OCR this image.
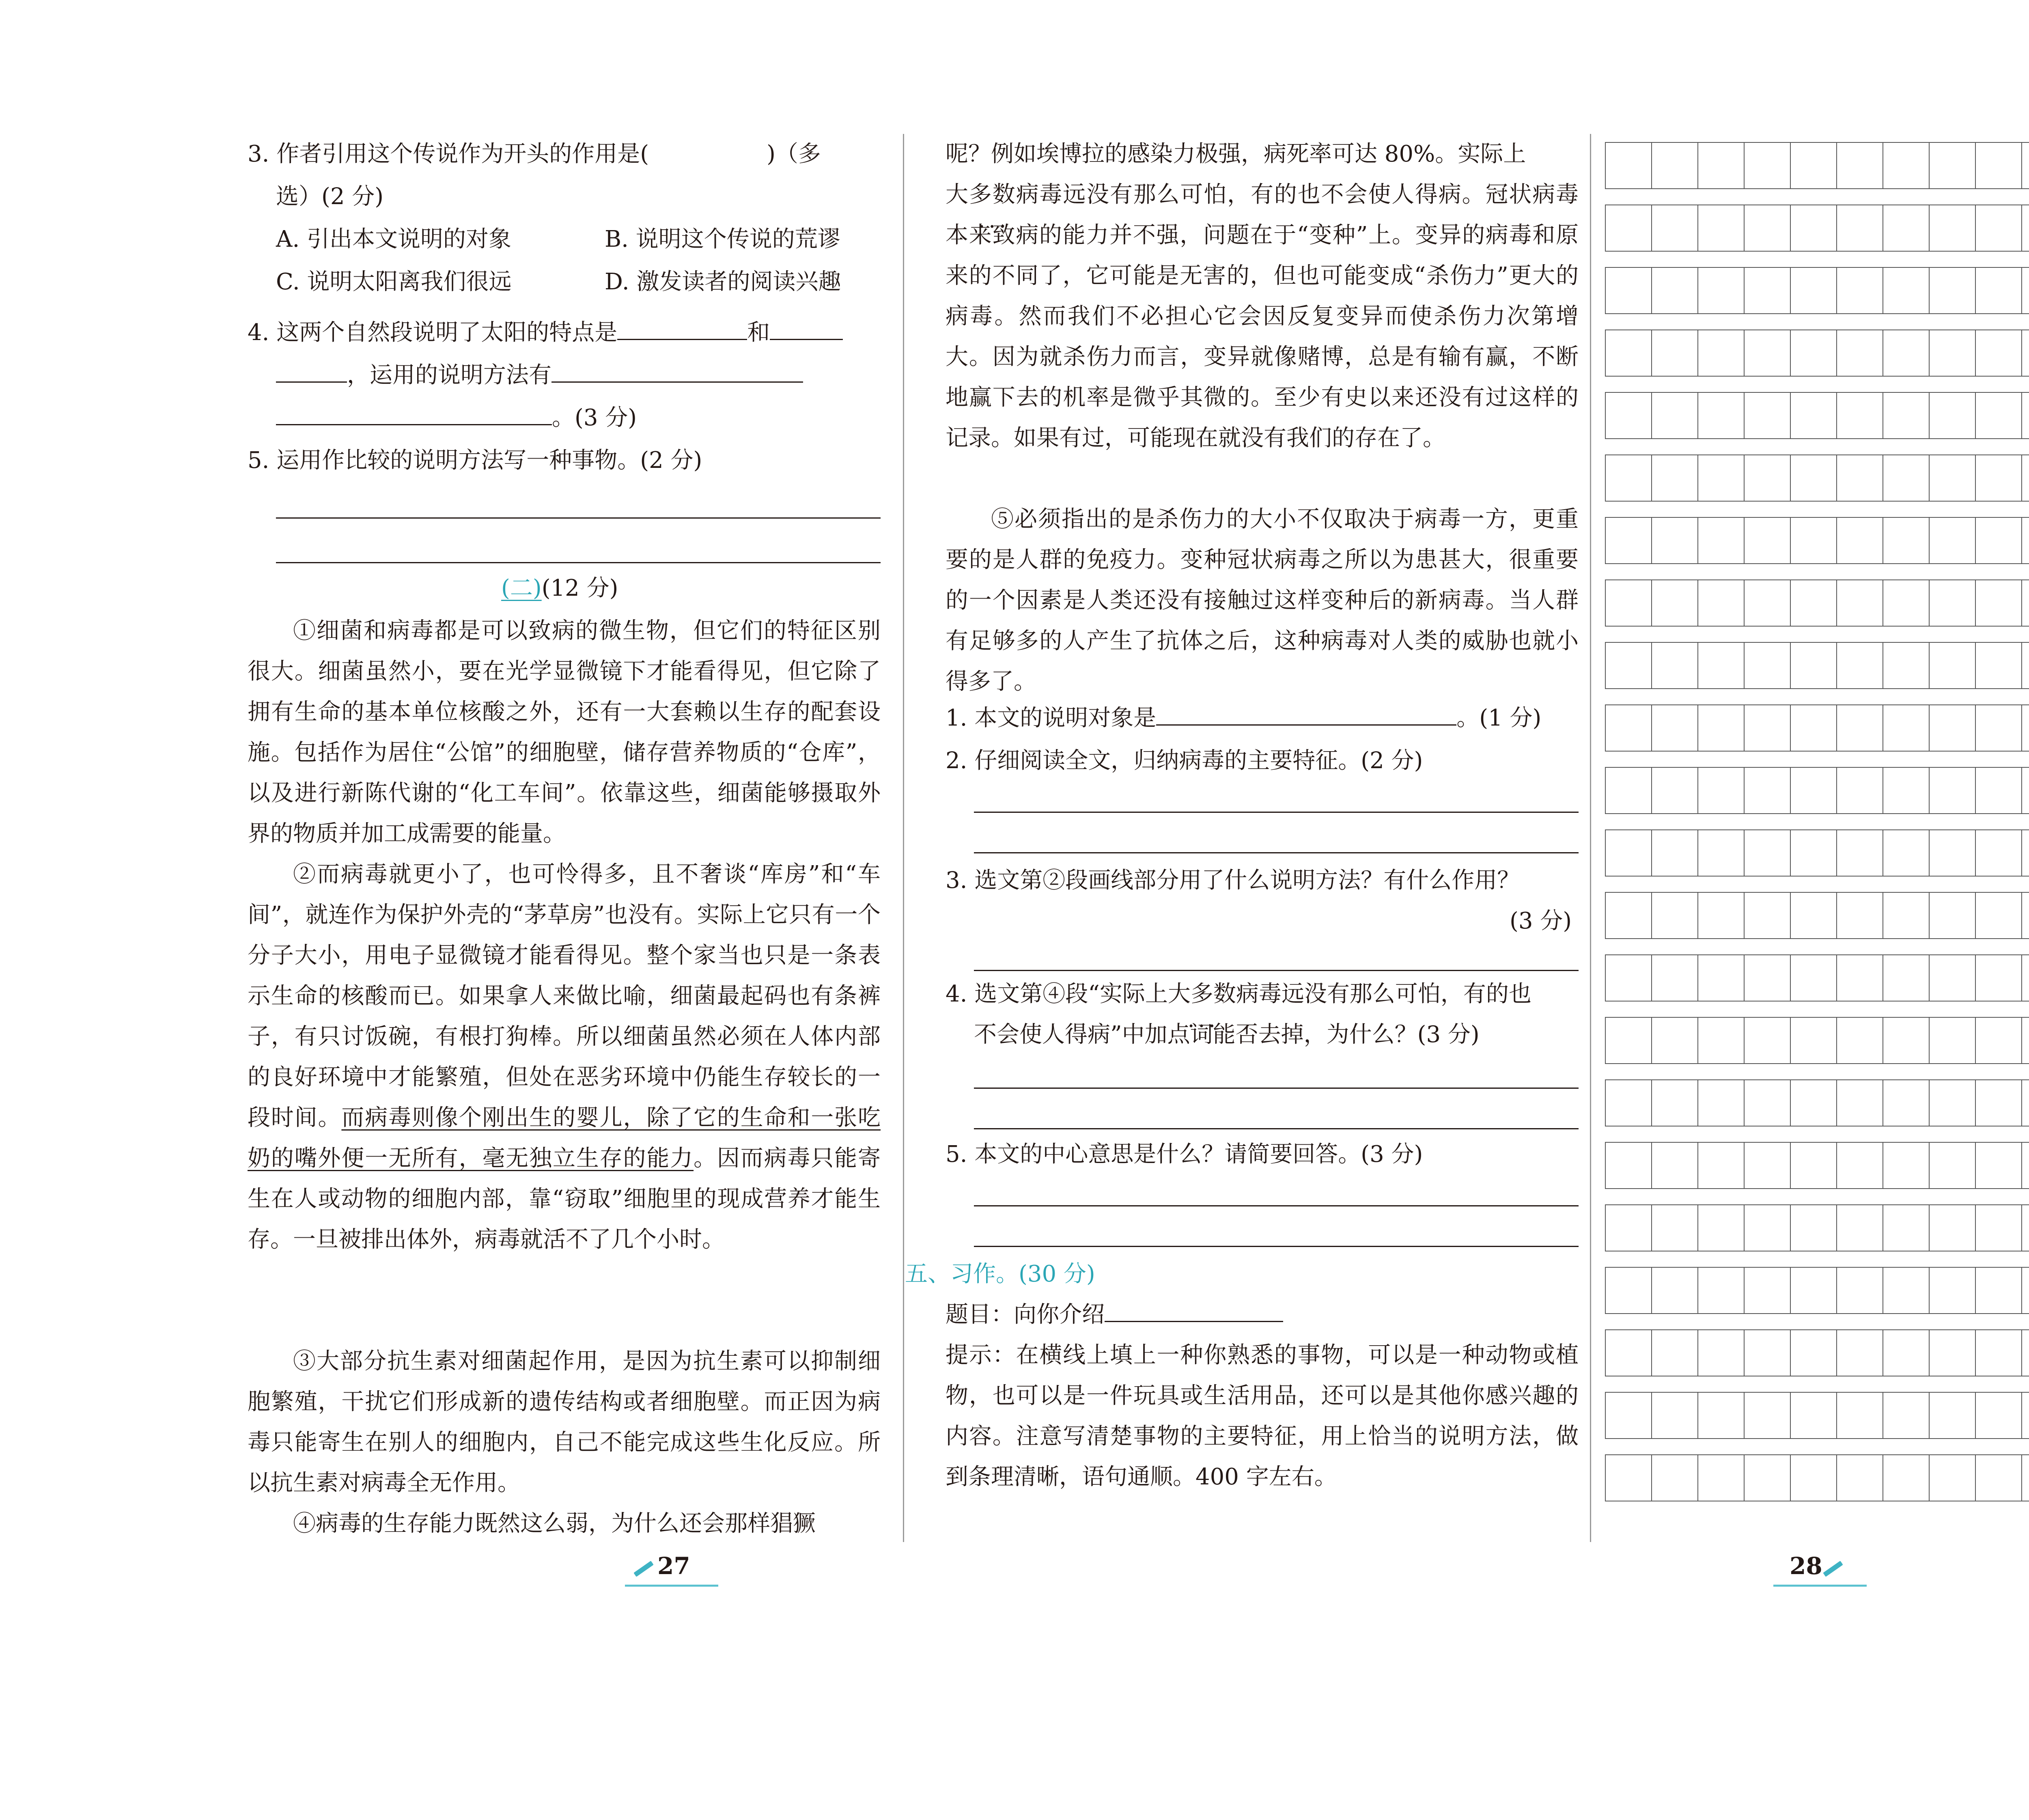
3. 作者引用这个传说作为开头的作用是(	)（多
选）(2 分)
A. 引出本文说明的对象	B. 说明这个传说的荒谬
C. 说明太阳离我们很远	D. 激发读者的阅读兴趣
4. 这两个自然段说明了太阳的特点是	和
，运用的说明方法有
。(3 分)
5. 运用作比较的说明方法写一种事物。(2 分)
(二)(12 分)
①细菌和病毒都是可以致病的微生物，但它们的特征区别很大。细菌虽然小，要在光学显微镜下才能看得见，但它除了拥有生命的基本单位核酸之外，还有一大套赖以生存的配套设施。包括作为居住“公馆”的细胞壁，储存营养物质的“仓库”，以及进行新陈代谢的“化工车间”。依靠这些，细菌能够摄取外界的物质并加工成需要的能量。
②而病毒就更小了，也可怜得多，且不奢谈“库房”和“车间”，就连作为保护外壳的“茅草房”也没有。实际上它只有一个分子大小，用电子显微镜才能看得见。整个家当也只是一条表示生命的核酸而已。如果拿人来做比喻，细菌最起码也有条裤子，有只讨饭碗，有根打狗棒。所以细菌虽然必须在人体内部的良好环境中才能繁殖，但处在恶劣环境中仍能生存较长的一段时间。而病毒则像个刚出生的婴儿，除了它的生命和一张吃奶的嘴外便一无所有，毫无独立生存的能力。因而病毒只能寄生在人或动物的细胞内部，靠“窃取”细胞里的现成营养才能生存。一旦被排出体外，病毒就活不了几个小时。
③大部分抗生素对细菌起作用，是因为抗生素可以抑制细胞繁殖，干扰它们形成新的遗传结构或者细胞壁。而正因为病毒只能寄生在别人的细胞内，自己不能完成这些生化反应。所以抗生素对病毒全无作用。
④病毒的生存能力既然这么弱，为什么还会那样猖獗
27
呢？例如埃博拉的感染力极强，病死率可达 80%。实际上
大多数 • • •病毒远没有那么可怕，有的也不会使人得病。冠状病毒本来致病的能力并不强，问题在于“变种”上。变异的病毒和原来的不同了，它可能是无害的，但也可能变成“杀伤力”更大的病毒。然而我们不必担心它会因反复变异而使杀伤力次第增大。因为就杀伤力而言，变异就像赌博，总是有输有赢，不断地赢下去的机率是微乎其微的。至少有史以来还没有过这样的记录。如果有过，可能现在就没有我们的存在了。
⑤必须指出的是杀伤力的大小不仅取决于病毒一方，更重要的是人群的免疫力。变种冠状病毒之所以为患甚大，很重要的一个因素是人类还没有接触过这样变种后的新病毒。当人群有足够多的人产生了抗体之后，这种病毒对人类的威胁也就小得多了。
1. 本文的说明对象是	。(1 分)
2. 仔细阅读全文，归纳病毒的主要特征。(2 分)
3. 选文第②段画线部分用了什么说明方法？有什么作用？
(3 分)
4. 选文第④段“实际上大多数 • • •病毒远没有那么可怕，有的也
不会使人得病”中加点词能否去掉，为什么？(3 分)
5. 本文的中心意思是什么？请简要回答。(3 分)
五、习作。(30 分)
题目：向你介绍
提示：在横线上填上一种你熟悉的事物，可以是一种动物或植物，也可以是一件玩具或生活用品，还可以是其他你感兴趣的内容。注意写清楚事物的主要特征，用上恰当的说明方法，做到条理清晰，语句通顺。400 字左右。
28
